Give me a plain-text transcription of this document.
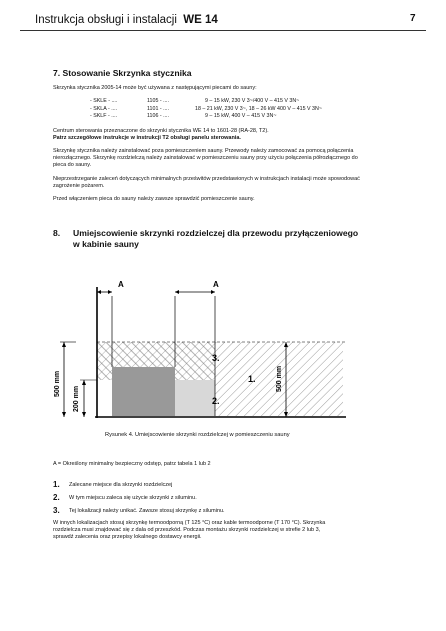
Instrukcja obsługi i instalacji WE 14	7
7. Stosowanie Skrzynka stycznika
Skrzynka stycznika 2005-14 może być używana z następującymi piecami do sauny:
- SKLE - ....	1105 - ....	9 – 15 kW, 230 V 3~/400 V – 415 V 3N~
- SKLA - ....	1101 - ....	18 – 21 kW, 230 V 3~, 18 – 26 kW 400 V – 415 V 3N~
- SKLF - ....	1106 - ....	9 – 15 kW, 400 V – 415 V 3N~
Centrum sterowania przeznaczone do skrzynki stycznika WE 14 to 1601-28 (RA-28, T2).
Patrz szczegółowe instrukcje w instrukcji T2 obsługi panelu sterowania.
Skrzynkę stycznika należy zainstalować poza pomieszczeniem sauny. Przewody należy zamocować za pomocą połączenia
nierozłącznego. Skrzynkę rozdzielczą należy zainstalować w pomieszczeniu sauny przy użyciu połączenia półrozłącznego do
pieca do sauny.
Nieprzestrzeganie zaleceń dotyczących minimalnych prześwitów przedstawionych w instrukcjach instalacji może spowodować
zagrożenie pożarem.
Przed włączeniem pieca do sauny należy zawsze sprawdzić pomieszczenie sauny.
8. Umiejscowienie skrzynki rozdzielczej dla przewodu przyłączeniowego
w kabinie sauny
A	A
500 mm
200 mm
500 mm
1.
2.
3.
Rysunek 4. Umiejscowienie skrzynki rozdzielczej w pomieszczeniu sauny
A = Określony minimalny bezpieczny odstęp, patrz tabela 1 lub 2
1.	Zalecane miejsce dla skrzynki rozdzielczej
2.	W tym miejscu zaleca się użycie skrzynki z siluminu.
3.	Tej lokalizacji należy unikać. Zawsze stosuj skrzynkę z siluminu.
W innych lokalizacjach stosuj skrzynkę termoodporną (T 125 °C) oraz kable termoodporne (T 170 °C). Skrzynka
rozdzielcza musi znajdować się z dala od przeszkód. Podczas montażu skrzynki rozdzielczej w strefie 2 lub 3,
sprawdź zalecenia oraz przepisy lokalnego dostawcy energii.
